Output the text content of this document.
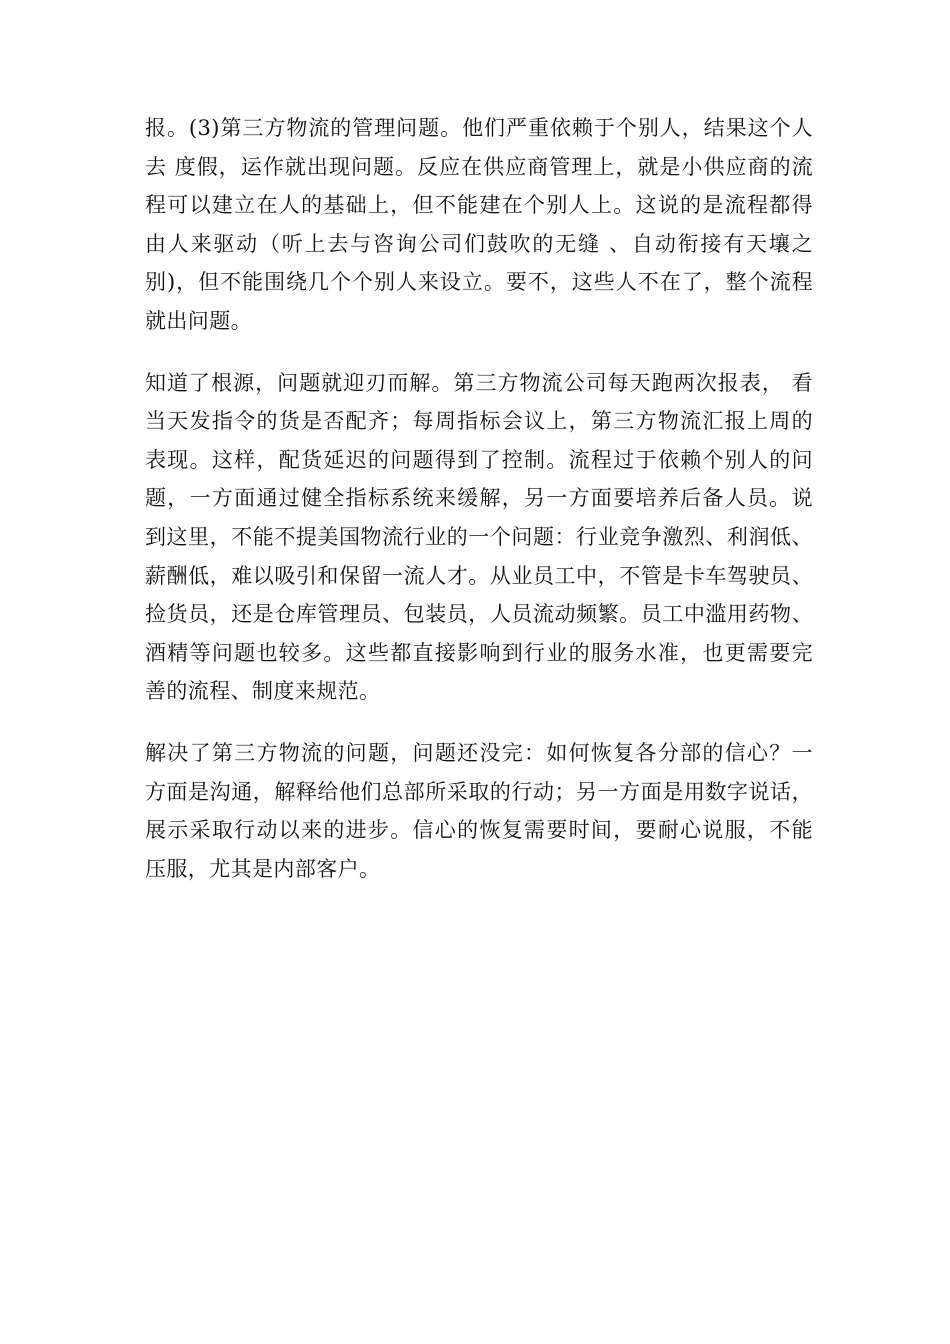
报。(3)第三方物流的管理问题。他们严重依赖于个别人，结果这个人
去 度假，运作就出现问题。反应在供应商管理上，就是小供应商的流
程可以建立在人的基础上，但不能建在个别人上。这说的是流程都得
由人来驱动（听上去与咨询公司们鼓吹的无缝 、自动衔接有天壤之
别)，但不能围绕几个个别人来设立。要不，这些人不在了，整个流程
就出问题。
知道了根源，问题就迎刃而解。第三方物流公司每天跑两次报表， 看
当天发指令的货是否配齐；每周指标会议上，第三方物流汇报上周的
表现。这样，配货延迟的问题得到了控制。流程过于依赖个别人的问
题，一方面通过健全指标系统来缓解，另一方面要培养后备人员。说
到这里，不能不提美国物流行业的一个问题：行业竞争激烈、利润低、
薪酬低，难以吸引和保留一流人才。从业员工中，不管是卡车驾驶员、
捡货员，还是仓库管理员、包装员，人员流动频繁。员工中滥用药物、
酒精等问题也较多。这些都直接影响到行业的服务水准，也更需要完
善的流程、制度来规范。
解决了第三方物流的问题，问题还没完：如何恢复各分部的信心？一
方面是沟通，解释给他们总部所采取的行动；另一方面是用数字说话，
展示采取行动以来的进步。信心的恢复需要时间，要耐心说服，不能
压服，尤其是内部客户。
